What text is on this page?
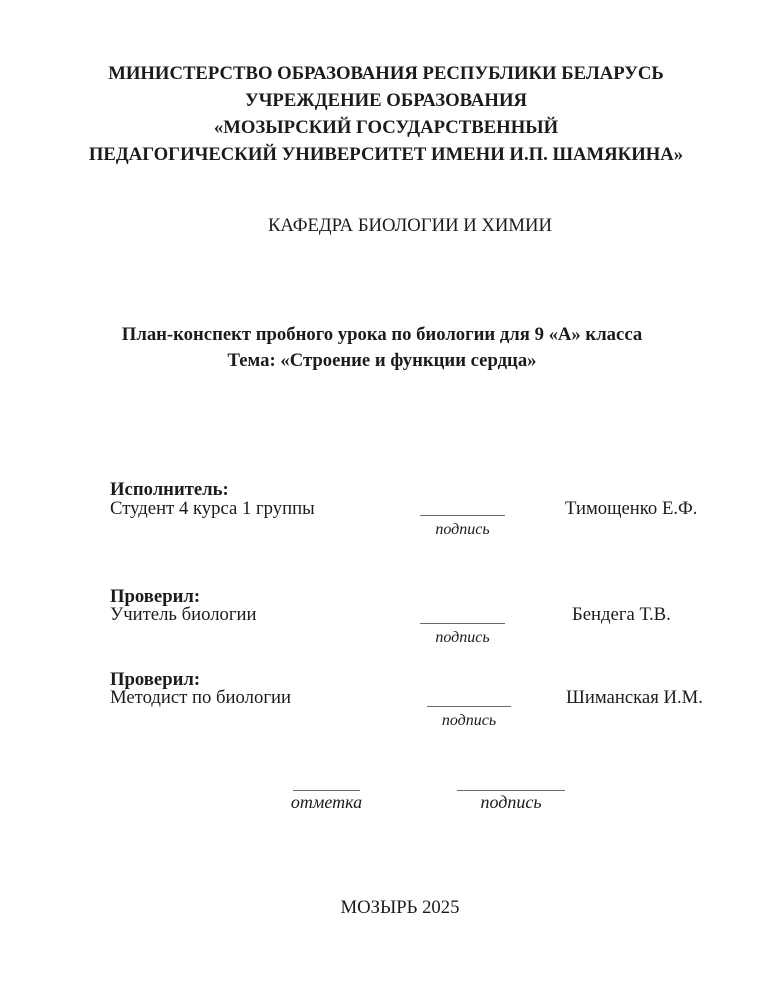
МИНИСТЕРСТВО ОБРАЗОВАНИЯ РЕСПУБЛИКИ БЕЛАРУСЬ
УЧРЕЖДЕНИЕ ОБРАЗОВАНИЯ
«МОЗЫРСКИЙ ГОСУДАРСТВЕННЫЙ
ПЕДАГОГИЧЕСКИЙ УНИВЕРСИТЕТ ИМЕНИ И.П. ШАМЯКИНА»
КАФЕДРА БИОЛОГИИ И ХИМИИ
План-конспект пробного урока по биологии для 9 «А» класса
Тема: «Строение и функции сердца»
Исполнитель:
Студент 4 курса 1 группы	Тимощенко Е.Ф.
подпись
Проверил:
Учитель биологии	Бендега Т.В.
подпись
Проверил:
Методист по биологии	Шиманская И.М.
подпись
отметка	подпись
МОЗЫРЬ 2025
